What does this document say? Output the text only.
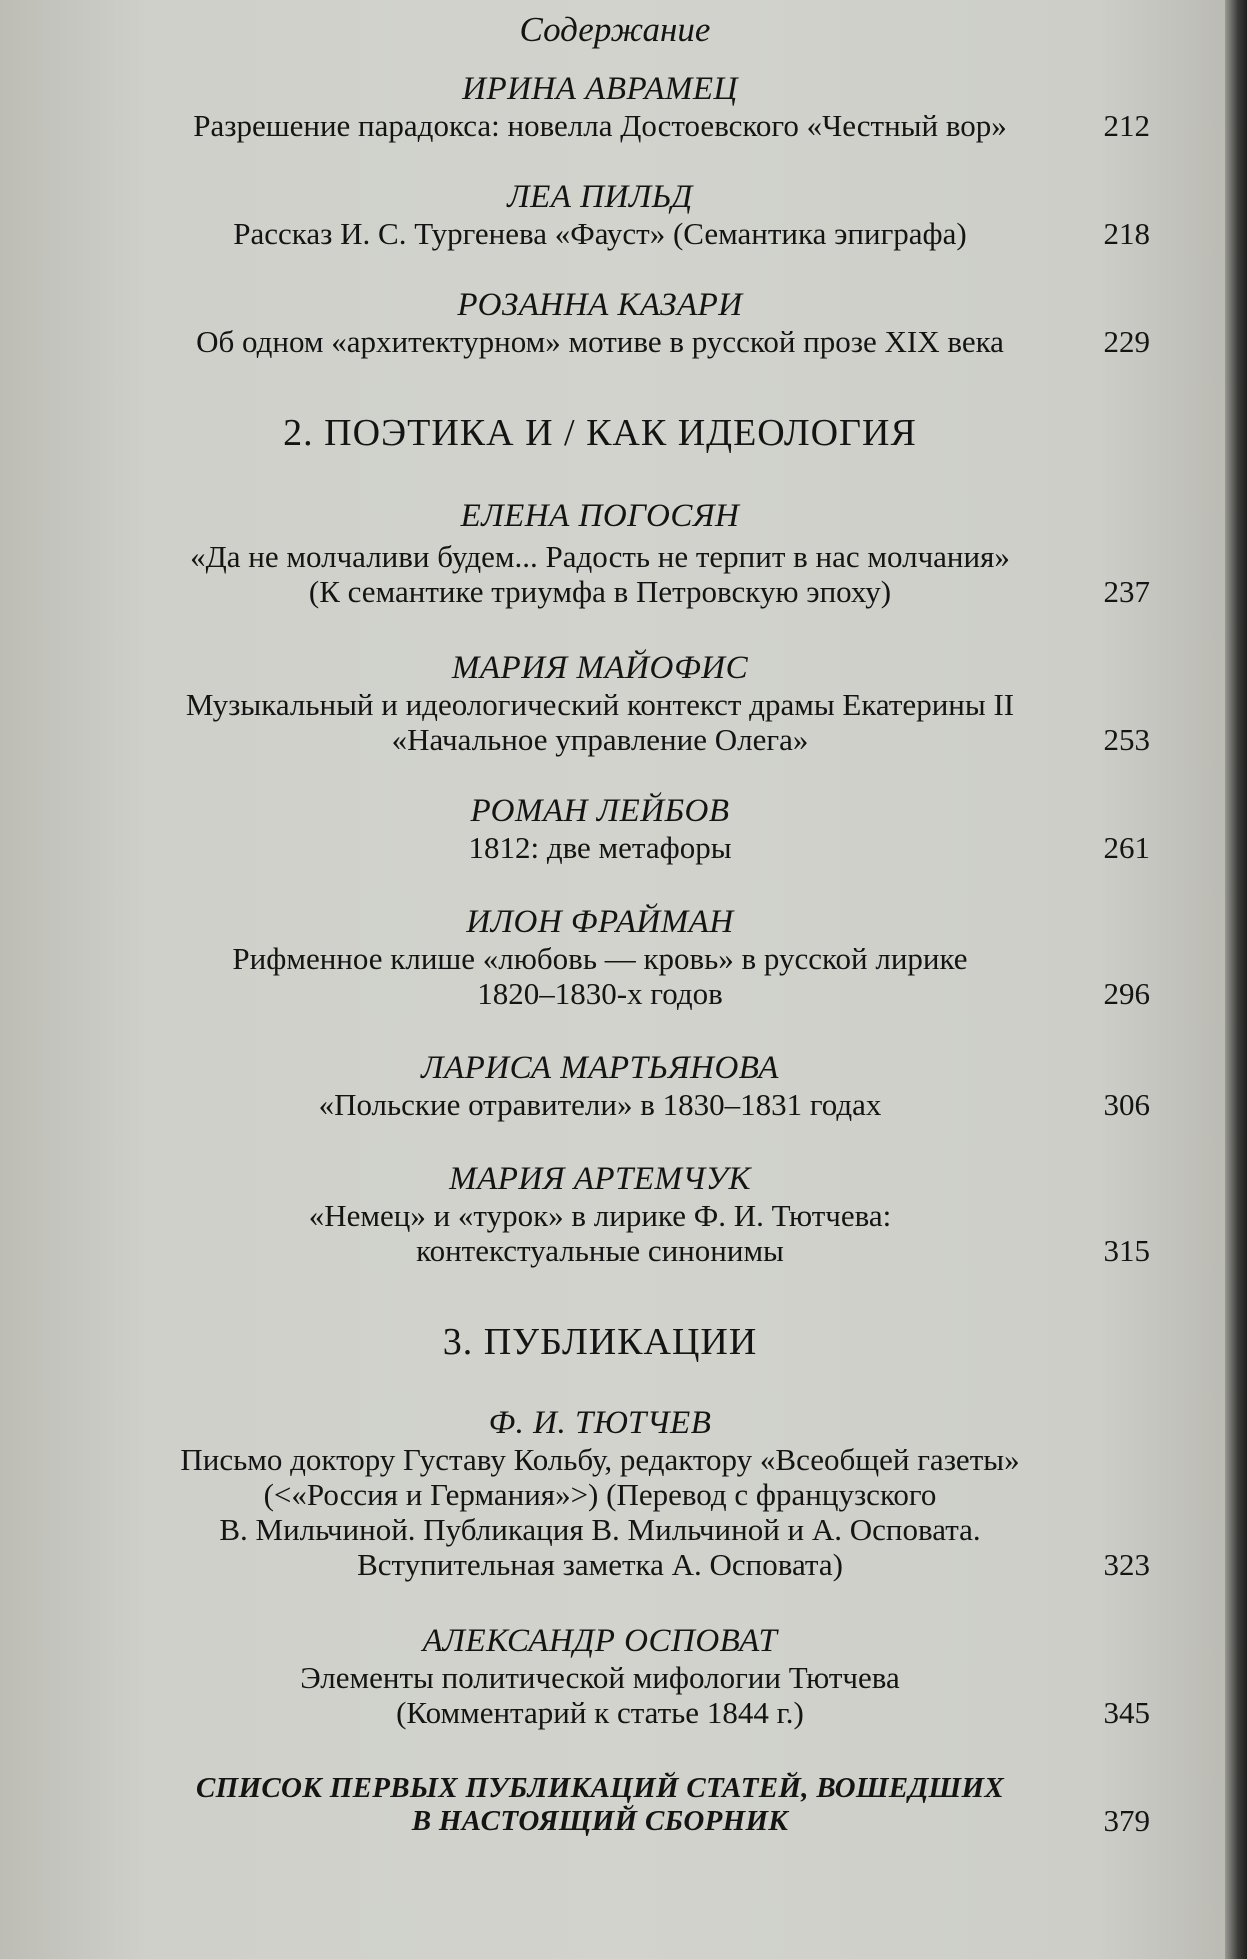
Содержание
ИРИНА АВРАМЕЦ
Разрешение парадокса: новелла Достоевского «Честный вор»	212
ЛЕА ПИЛЬД
Рассказ И. С. Тургенева «Фауст» (Семантика эпиграфа)	218
РОЗАННА КАЗАРИ
Об одном «архитектурном» мотиве в русской прозе XIX века	229
2. ПОЭТИКА И / КАК ИДЕОЛОГИЯ
ЕЛЕНА ПОГОСЯН
«Да не молчаливи будем... Радость не терпит в нас молчания»
(К семантике триумфа в Петровскую эпоху)	237
МАРИЯ МАЙОФИС
Музыкальный и идеологический контекст драмы Екатерины II
«Начальное управление Олега»	253
РОМАН ЛЕЙБОВ
1812: две метафоры	261
ИЛОН ФРАЙМАН
Рифменное клише «любовь — кровь» в русской лирике
1820–1830-х годов	296
ЛАРИСА МАРТЬЯНОВА
«Польские отравители» в 1830–1831 годах	306
МАРИЯ АРТЕМЧУК
«Немец» и «турок» в лирике Ф. И. Тютчева:
контекстуальные синонимы	315
3. ПУБЛИКАЦИИ
Ф. И. ТЮТЧЕВ
Письмо доктору Густаву Кольбу, редактору «Всеобщей газеты»
(<«Россия и Германия»>) (Перевод с французского
В. Мильчиной. Публикация В. Мильчиной и А. Осповата.
Вступительная заметка А. Осповата)	323
АЛЕКСАНДР ОСПОВАТ
Элементы политической мифологии Тютчева
(Комментарий к статье 1844 г.)	345
СПИСОК ПЕРВЫХ ПУБЛИКАЦИЙ СТАТЕЙ, ВОШЕДШИХ
В НАСТОЯЩИЙ СБОРНИК	379
